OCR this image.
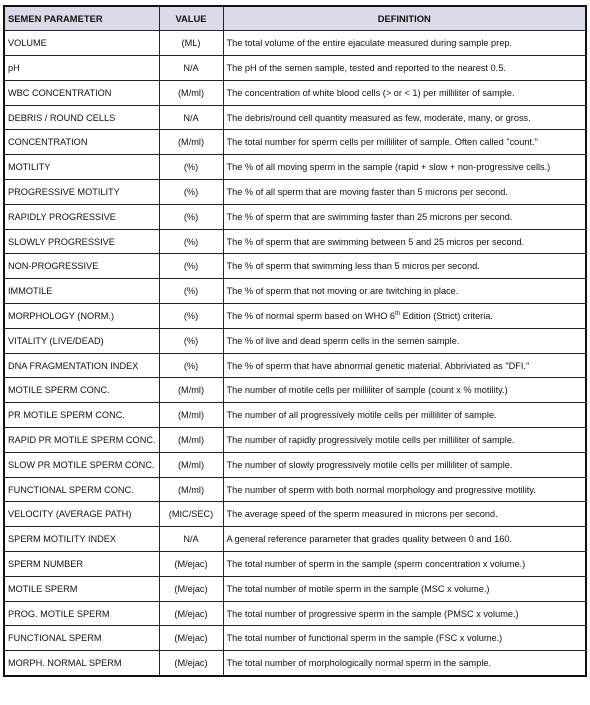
SEMEN PARAMETER	VALUE	DEFINITION
VOLUME	(ML)	The total volume of the entire ejaculate measured during sample prep.
pH	N/A	The pH of the semen sample, tested and reported to the nearest 0.5.
WBC CONCENTRATION	(M/ml)	The concentration of white blood cells (> or < 1) per milliliter of sample.
DEBRIS / ROUND CELLS	N/A	The debris/round cell quantity measured as few, moderate, many, or gross.
CONCENTRATION	(M/ml)	The total number for sperm cells per milliliter of sample. Often called "count."
MOTILITY	(%)	The % of all moving sperm in the sample (rapid + slow + non-progressive cells.)
PROGRESSIVE MOTILITY	(%)	The % of all sperm that are moving faster than 5 microns per second.
RAPIDLY PROGRESSIVE	(%)	The % of sperm that are swimming faster than 25 microns per second.
SLOWLY PROGRESSIVE	(%)	The % of sperm that are swimming between 5 and 25 micros per second.
NON-PROGRESSIVE	(%)	The % of sperm that swimming less than 5 micros per second.
IMMOTILE	(%)	The % of sperm that not moving or are twitching in place.
MORPHOLOGY (NORM.)	(%)	The % of normal sperm based on WHO 6th Edition (Strict) criteria.
VITALITY (LIVE/DEAD)	(%)	The % of live and dead sperm cells in the semen sample.
DNA FRAGMENTATION INDEX	(%)	The % of sperm that have abnormal genetic material. Abbriviated as "DFI."
MOTILE SPERM CONC.	(M/ml)	The number of motile cells per milliliter of sample (count x % motility.)
PR MOTILE SPERM CONC.	(M/ml)	The number of all progressively motile cells per milliliter of sample.
RAPID PR MOTILE SPERM CONC.	(M/ml)	The number of rapidly progressively motile cells per milliliter of sample.
SLOW PR MOTILE SPERM CONC.	(M/ml)	The number of slowly progressively motile cells per milliliter of sample.
FUNCTIONAL SPERM CONC.	(M/ml)	The number of sperm with both normal morphology and progressive motility.
VELOCITY (AVERAGE PATH)	(MIC/SEC)	The average speed of the sperm measured in microns per second.
SPERM MOTILITY INDEX	N/A	A general reference parameter that grades quality between 0 and 160.
SPERM NUMBER	(M/ejac)	The total number of sperm in the sample (sperm concentration x volume.)
MOTILE SPERM	(M/ejac)	The total number of motile sperm in the sample (MSC x volume.)
PROG. MOTILE SPERM	(M/ejac)	The total number of progressive sperm in the sample (PMSC x volume.)
FUNCTIONAL SPERM	(M/ejac)	The total number of functional sperm in the sample (FSC x volume.)
MORPH. NORMAL SPERM	(M/ejac)	The total number of morphologically normal sperm in the sample.
